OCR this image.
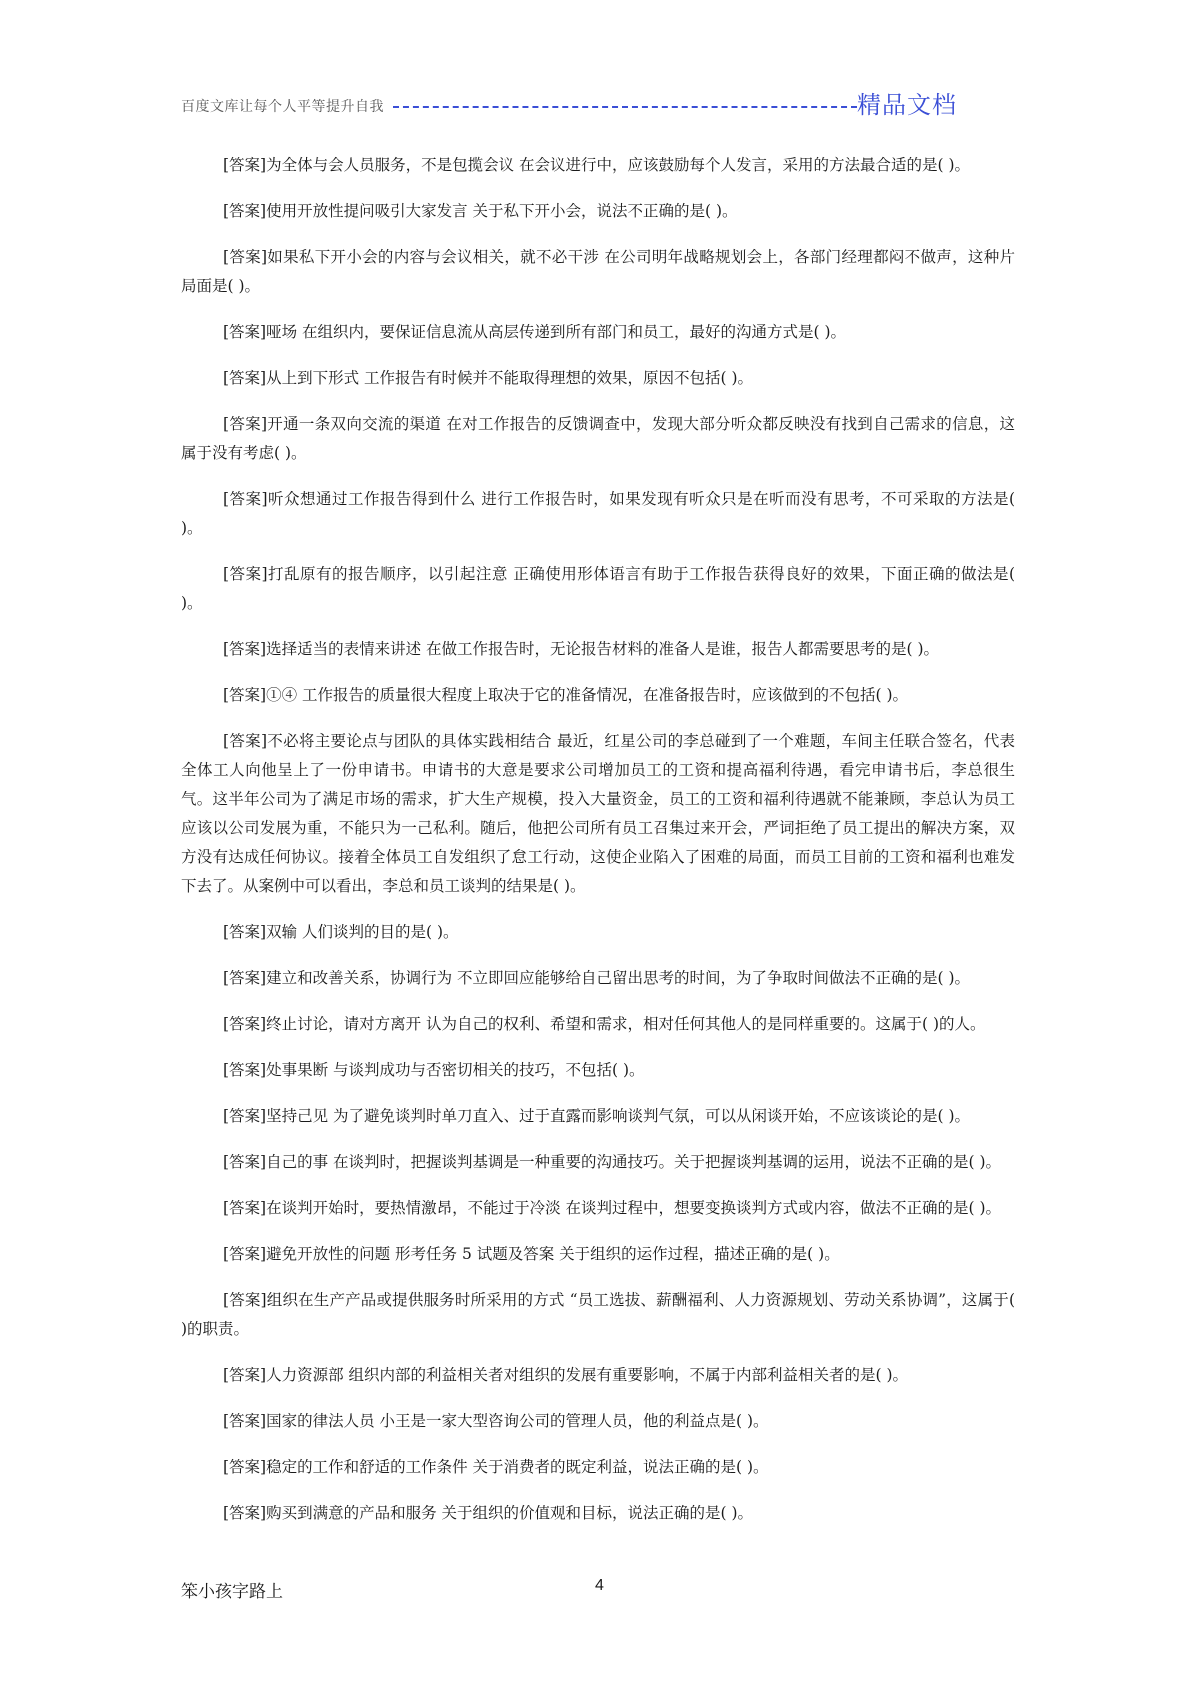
百度文库让每个人平等提升自我	精品文档

[答案]为全体与会人员服务，不是包揽会议 在会议进行中，应该鼓励每个人发言，采用的方法最合适的是( )。

[答案]使用开放性提问吸引大家发言 关于私下开小会，说法不正确的是( )。

[答案]如果私下开小会的内容与会议相关，就不必干涉 在公司明年战略规划会上，各部门经理都闷不做声，这种片局面是( )。

[答案]哑场 在组织内，要保证信息流从高层传递到所有部门和员工，最好的沟通方式是( )。

[答案]从上到下形式 工作报告有时候并不能取得理想的效果，原因不包括( )。

[答案]开通一条双向交流的渠道 在对工作报告的反馈调查中，发现大部分听众都反映没有找到自己需求的信息，这属于没有考虑( )。

[答案]听众想通过工作报告得到什么 进行工作报告时，如果发现有听众只是在听而没有思考，不可采取的方法是( )。

[答案]打乱原有的报告顺序，以引起注意 正确使用形体语言有助于工作报告获得良好的效果，下面正确的做法是( )。

[答案]选择适当的表情来讲述 在做工作报告时，无论报告材料的准备人是谁，报告人都需要思考的是( )。

[答案]①④ 工作报告的质量很大程度上取决于它的准备情况，在准备报告时，应该做到的不包括( )。

[答案]不必将主要论点与团队的具体实践相结合 最近，红星公司的李总碰到了一个难题，车间主任联合签名，代表全体工人向他呈上了一份申请书。申请书的大意是要求公司增加员工的工资和提高福利待遇，看完申请书后，李总很生气。这半年公司为了满足市场的需求，扩大生产规模，投入大量资金，员工的工资和福利待遇就不能兼顾，李总认为员工应该以公司发展为重，不能只为一己私利。随后，他把公司所有员工召集过来开会，严词拒绝了员工提出的解决方案，双方没有达成任何协议。接着全体员工自发组织了怠工行动，这使企业陷入了困难的局面，而员工目前的工资和福利也难发下去了。从案例中可以看出，李总和员工谈判的结果是( )。

[答案]双输 人们谈判的目的是( )。

[答案]建立和改善关系，协调行为 不立即回应能够给自己留出思考的时间，为了争取时间做法不正确的是( )。

[答案]终止讨论，请对方离开 认为自己的权利、希望和需求，相对任何其他人的是同样重要的。这属于( )的人。

[答案]处事果断 与谈判成功与否密切相关的技巧，不包括( )。

[答案]坚持己见 为了避免谈判时单刀直入、过于直露而影响谈判气氛，可以从闲谈开始，不应该谈论的是( )。

[答案]自己的事 在谈判时，把握谈判基调是一种重要的沟通技巧。关于把握谈判基调的运用，说法不正确的是( )。

[答案]在谈判开始时，要热情激昂，不能过于冷淡 在谈判过程中，想要变换谈判方式或内容，做法不正确的是( )。

[答案]避免开放性的问题 形考任务 5 试题及答案 关于组织的运作过程，描述正确的是( )。

[答案]组织在生产产品或提供服务时所采用的方式 “员工选拔、薪酬福利、人力资源规划、劳动关系协调”，这属于( )的职责。

[答案]人力资源部 组织内部的利益相关者对组织的发展有重要影响，不属于内部利益相关者的是( )。

[答案]国家的律法人员 小王是一家大型咨询公司的管理人员，他的利益点是( )。

[答案]稳定的工作和舒适的工作条件 关于消费者的既定利益，说法正确的是( )。

[答案]购买到满意的产品和服务 关于组织的价值观和目标，说法正确的是( )。

笨小孩字路上	4
